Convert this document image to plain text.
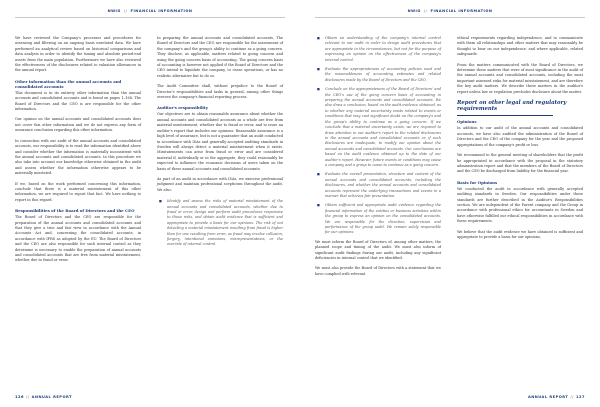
NWIG // FINANCIAL INFORMATION

We have reviewed the Company's processes and procedures for assessing and filtering on an ongoing basis unrelated data. We have performed an analytical review based on historical comparisons and data analysis in order to identify the timing and absolute period-end assets from the main population. Furthermore we have also reviewed the effectiveness of the disclosures related to valuation allowances in the annual report.

Other information than the annual accounts and consolidated accounts

This document is in its entirety other information than the annual accounts and consolidated accounts and is found on pages 1–168. The Board of Directors and the CEO is are responsible for the other information.

Our opinion on the annual accounts and consolidated accounts does not cover this other information and we do not express any form of assurance conclusion regarding this other information.

In connection with our audit of the annual accounts and consolidated accounts, our responsibility is to read the information identified above and consider whether the information is materially inconsistent with the annual accounts and consolidated accounts. In this procedure we also take into account our knowledge otherwise obtained in the audit and assess whether the information otherwise appears to be materially misstated.

If we, based on the work performed concerning this information, conclude that there is a material misstatement of this other information, we are required to report that fact. We have nothing to report in this regard.

Responsibilities of the Board of Directors and the CEO

The Board of Directors and the CEO are responsible for the preparation of the annual accounts and consolidated accounts and that they give a true and fair view in accordance with the Annual Accounts Act and, concerning the consolidated accounts, in accordance with IFRS as adopted by the EU. The Board of Directors and the CEO are also responsible for such internal control as they determine is necessary to enable the preparation of annual accounts and consolidated accounts that are free from material misstatement, whether due to fraud or error.

In preparing the annual accounts and consolidated accounts, The Board of Directors and the CEO are responsible for the assessment of the company's and the group's ability to continue as a going concern. They disclose, as applicable, matters related to going concern and using the going concern basis of accounting. The going concern basis of accounting is however not applied if the Board of Directors and the CEO intend to liquidate the company, to cease operations, or has no realistic alternative but to do so.

The Audit Committee shall, without prejudice to the Board of Director's responsibilities and tasks in general, among other things oversee the company's financial reporting process.

Auditor's responsibility

Our objectives are to obtain reasonable assurance about whether the annual accounts and consolidated accounts as a whole are free from material misstatement, whether due to fraud or error, and to issue an auditor's report that includes our opinions. Reasonable assurance is a high level of assurance, but is not a guarantee that an audit conducted in accordance with ISAs and generally accepted auditing standards in Sweden will always detect a material misstatement when it exists. Misstatements can arise from fraud or error and are considered material if, individually or in the aggregate, they could reasonably be expected to influence the economic decisions of users taken on the basis of these annual accounts and consolidated accounts.

As part of an audit in accordance with ISAs, we exercise professional judgment and maintain professional scepticism throughout the audit. We also:

■ Identify and assess the risks of material misstatement of the annual accounts and consolidated accounts, whether due to fraud or error, design and perform audit procedures responsive to those risks, and obtain audit evidence that is sufficient and appropriate to provide a basis for our opinions. The risk of not detecting a material misstatement resulting from fraud is higher than for one resulting from error, as fraud may involve collusion, forgery, intentional omissions, misrepresentations, or the override of internal control.
126 // ANNUAL REPORT
NWIG // FINANCIAL INFORMATION
■ Obtain an understanding of the company's internal control relevant to our audit in order to design audit procedures that are appropriate in the circumstances, but not for the purpose of expressing an opinion on the effectiveness of the company's internal control.
■ Evaluate the appropriateness of accounting policies used and the reasonableness of accounting estimates and related disclosures made by the Board of Directors and the CEO.
■ Conclude on the appropriateness of the Board of Directors' and the CEO's use of the going concern basis of accounting in preparing the annual accounts and consolidated accounts. We also draw a conclusion, based on the audit evidence obtained, as to whether any material uncertainty exists related to events or conditions that may cast significant doubt on the company's and the group's ability to continue as a going concern. If we conclude that a material uncertainty exists, we are required to draw attention in our auditor's report to the related disclosures in the annual accounts and consolidated accounts or, if such disclosures are inadequate, to modify our opinion about the annual accounts and consolidated accounts. Our conclusions are based on the audit evidence obtained up to the date of our auditor's report. However, future events or conditions may cause a company and a group to cease to continue as a going concern.
■ Evaluate the overall presentation, structure and content of the annual accounts and consolidated accounts, including the disclosures, and whether the annual accounts and consolidated accounts represent the underlying transactions and events in a manner that achieves fair presentation.
■ Obtain sufficient and appropriate audit evidence regarding the financial information of the entities or business activities within the group to express an opinion on the consolidated accounts. We are responsible for the direction, supervision and performance of the group audit. We remain solely responsible for our opinions.

We must inform the Board of Directors of, among other matters, the planned scope and timing of the audit. We must also inform of significant audit findings during our audit, including any significant deficiencies in internal control that we identified.

We must also provide the Board of Directors with a statement that we have complied with relevant

ethical requirements regarding independence, and to communicate with them all relationships and other matters that may reasonably be thought to bear on our independence, and where applicable, related safeguards.

From the matters communicated with the Board of Directors, we determine those matters that were of most significance in the audit of the annual accounts and consolidated accounts, including the most important assessed risks for material misstatement, and are therefore the key audit matters. We describe these matters in the auditor's report unless law or regulation precludes disclosure about the matter.

Report on other legal and regulatory requirements
Opinions

In addition to our audit of the annual accounts and consolidated accounts, we have also audited the administration of the Board of Directors and the CEO of the company for the year and the proposed appropriations of the company's profit or loss.

We recommend to the general meeting of shareholders that the profit be appropriated in accordance with the proposal in the statutory administration report and that the members of the Board of Directors and the CEO be discharged from liability for the financial year.

Basis for Opinions

We conducted the audit in accordance with generally accepted auditing standards in Sweden. Our responsibilities under those standards are further described in the Auditor's Responsibilities section. We are independent of the Parent company and the Group in accordance with professional ethics for accountants in Sweden and have otherwise fulfilled our ethical responsibilities in accordance with these requirements.

We believe that the audit evidence we have obtained is sufficient and appropriate to provide a basis for our opinions.

ANNUAL REPORT // 127
